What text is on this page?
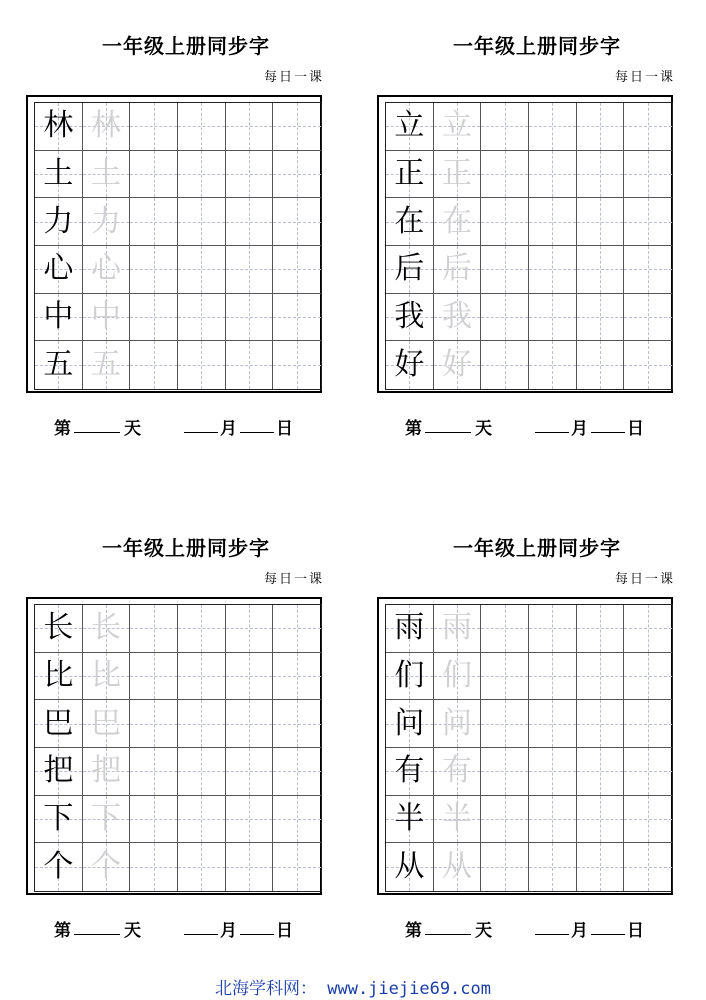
一年级上册同步字
每日一课
林 林
土 土
力 力
心 心
中 中
五 五
第	天	月 日
一年级上册同步字
每日一课
立 立
正 正
在 在
后 后
我 我
好 好
第	天	月 日
一年级上册同步字
每日一课
长 长
比 比
巴 巴
把 把
下 下
个 个
第	天	月 日
一年级上册同步字
每日一课
雨 雨
们 们
问 问
有 有
半 半
从 从
第	天	月 日
北海学科网： www.jiejie69.com
